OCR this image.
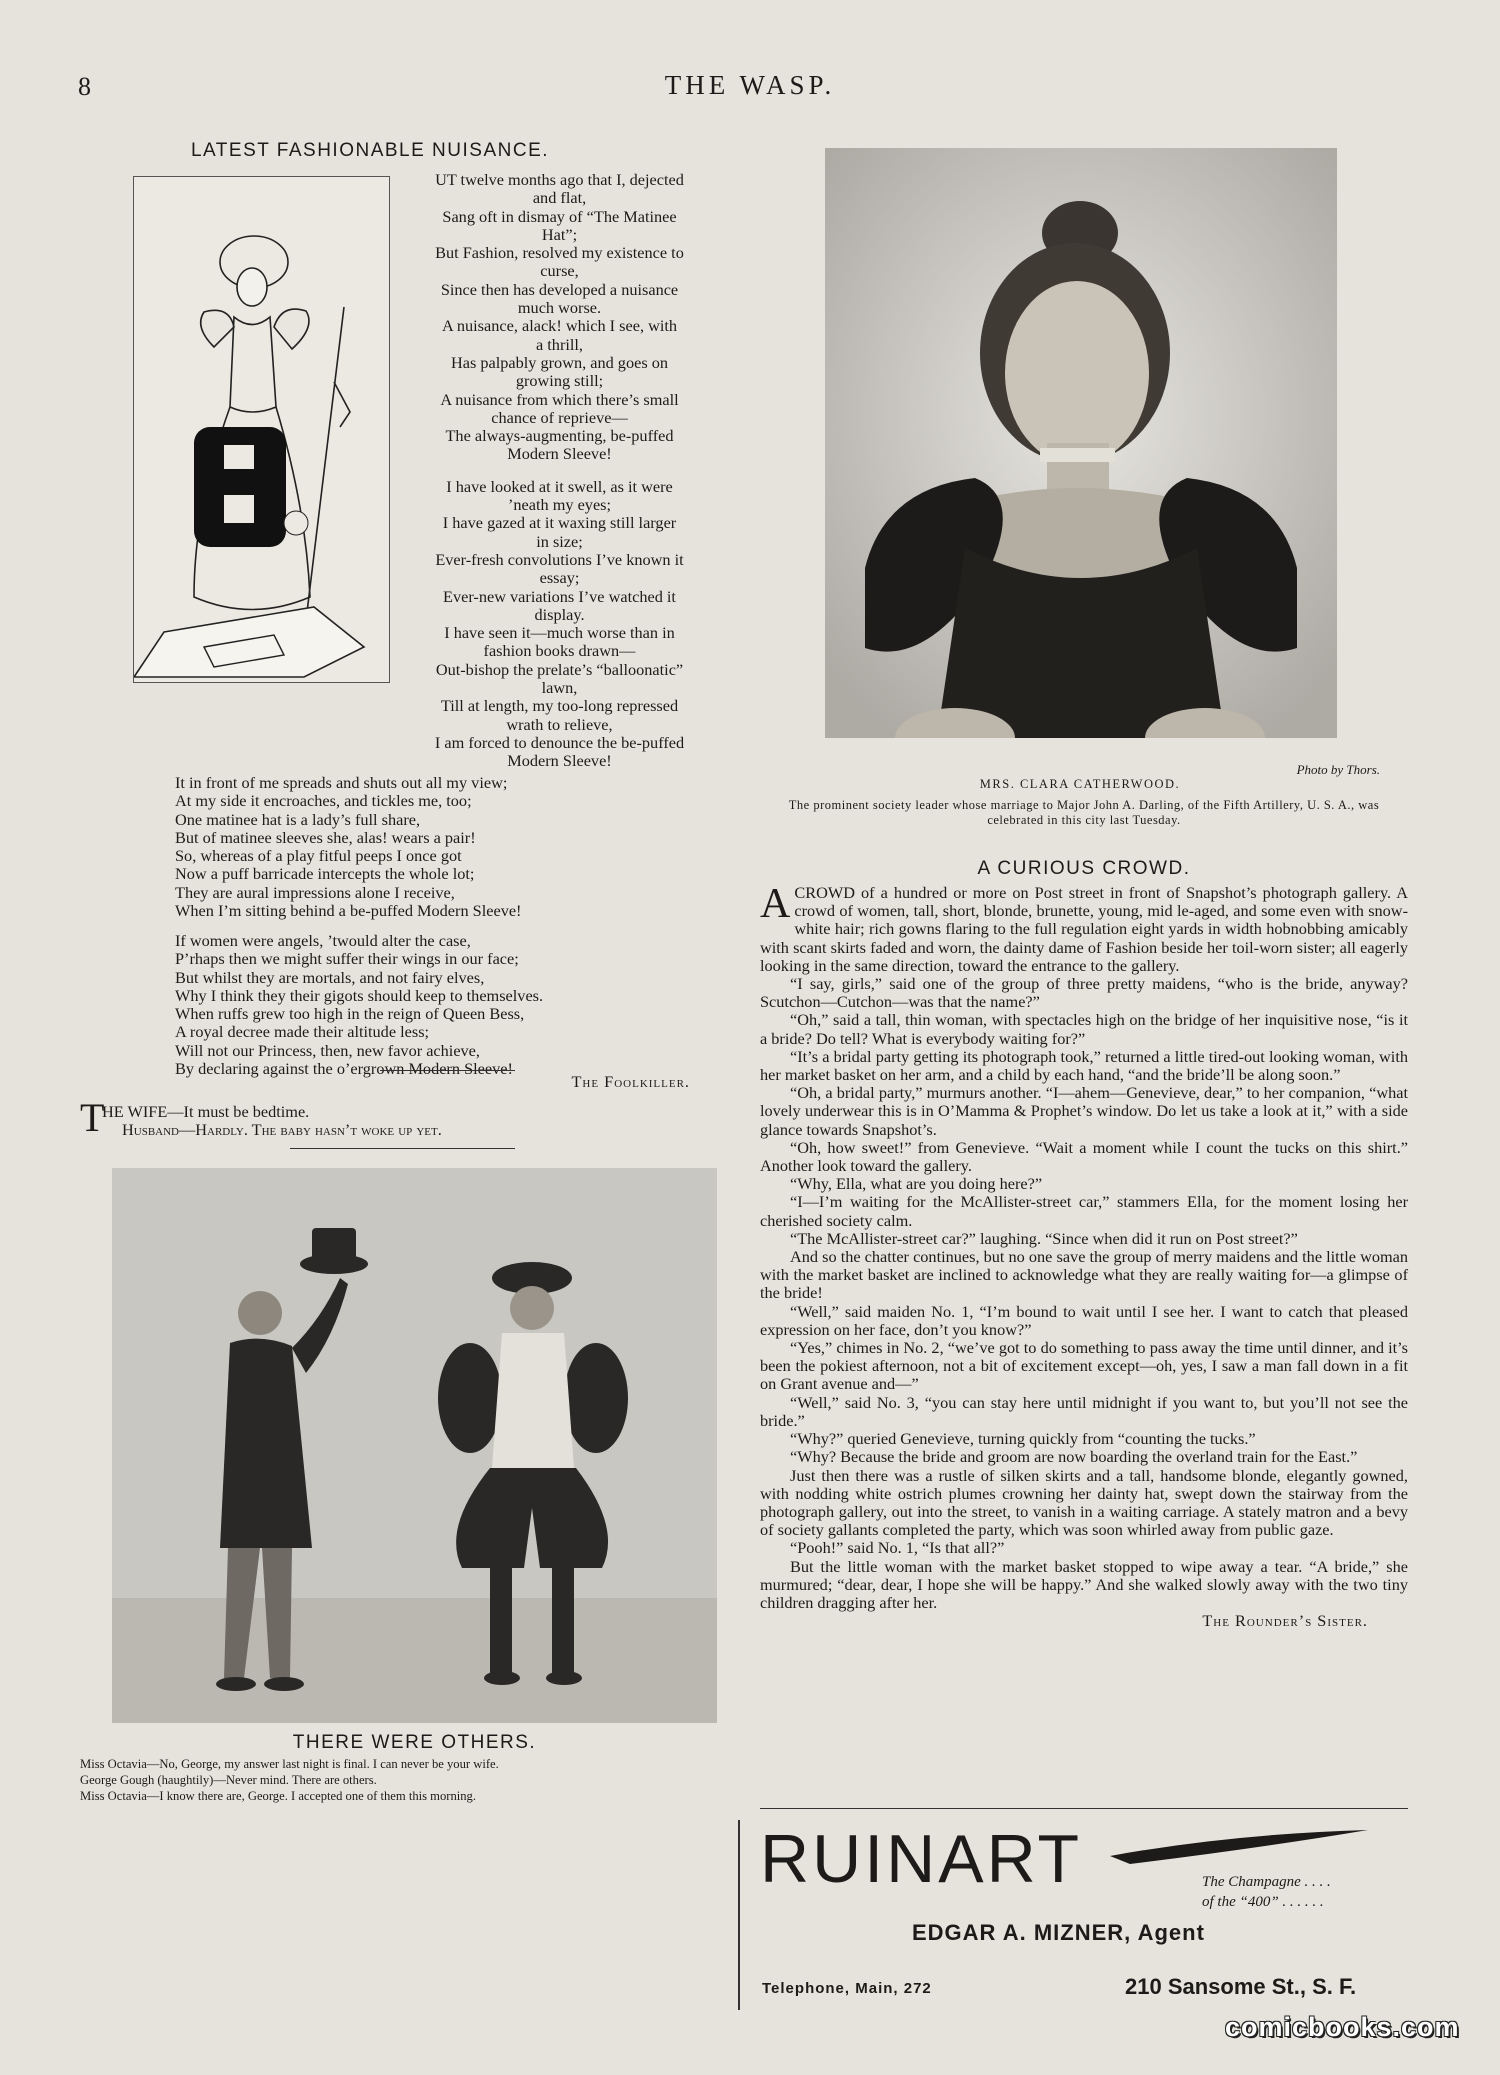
8	THE WASP.
LATEST FASHIONABLE NUISANCE.
UT twelve months ago that I, dejected
and flat,
Sang oft in dismay of “The Matinee
Hat”;
But Fashion, resolved my existence to
curse,
Since then has developed a nuisance
much worse.
A nuisance, alack! which I see, with
a thrill,
Has palpably grown, and goes on
growing still;
A nuisance from which there’s small
chance of reprieve—
The always-augmenting, be-puffed
Modern Sleeve!
I have looked at it swell, as it were
’neath my eyes;
I have gazed at it waxing still larger
in size;
Ever-fresh convolutions I’ve known it
essay;
Ever-new variations I’ve watched it
display.
I have seen it—much worse than in
fashion books drawn—
Out-bishop the prelate’s “balloonatic”
lawn,
Till at length, my too-long repressed
wrath to relieve,
I am forced to denounce the be-puffed
Modern Sleeve!
It in front of me spreads and shuts out all my view;
At my side it encroaches, and tickles me, too;
One matinee hat is a lady’s full share,
But of matinee sleeves she, alas! wears a pair!
So, whereas of a play fitful peeps I once got
Now a puff barricade intercepts the whole lot;
They are aural impressions alone I receive,
When I’m sitting behind a be-puffed Modern Sleeve!
If women were angels, ’twould alter the case,
P’rhaps then we might suffer their wings in our face;
But whilst they are mortals, and not fairy elves,
Why I think they their gigots should keep to themselves.
When ruffs grew too high in the reign of Queen Bess,
A royal decree made their altitude less;
Will not our Princess, then, new favor achieve,
By declaring against the o’ergrown Modern Sleeve!
The Foolkiller.
T
HE WIFE—It must be bedtime.
Husband—Hardly. The baby hasn’t woke up yet.
THERE WERE OTHERS.
Miss Octavia—No, George, my answer last night is final. I can never be your wife.
George Gough (haughtily)—Never mind. There are others.
Miss Octavia—I know there are, George. I accepted one of them this morning.
Photo by Thors.
MRS. CLARA CATHERWOOD.
The prominent society leader whose marriage to Major John A. Darling, of the Fifth Artillery, U. S. A., was celebrated in this city last Tuesday.
A CURIOUS CROWD.

ACROWD of a hundred or more on Post street in front of Snapshot’s photograph gallery. A crowd of women, tall, short, blonde, brunette, young, mid le-aged, and some even with snow-white hair; rich gowns flaring to the full regulation eight yards in width hobnobbing amicably with scant skirts faded and worn, the dainty dame of Fashion beside her toil-worn sister; all eagerly looking in the same direction, toward the entrance to the gallery.

“I say, girls,” said one of the group of three pretty maidens, “who is the bride, anyway? Scutchon—Cutchon—was that the name?”

“Oh,” said a tall, thin woman, with spectacles high on the bridge of her inquisitive nose, “is it a bride? Do tell? What is everybody waiting for?”

“It’s a bridal party getting its photograph took,” returned a little tired-out looking woman, with her market basket on her arm, and a child by each hand, “and the bride’ll be along soon.”

“Oh, a bridal party,” murmurs another. “I—ahem—Genevieve, dear,” to her companion, “what lovely underwear this is in O’Mamma & Prophet’s window. Do let us take a look at it,” with a side glance towards Snapshot’s.

“Oh, how sweet!” from Genevieve. “Wait a moment while I count the tucks on this shirt.” Another look toward the gallery.

“Why, Ella, what are you doing here?”

“I—I’m waiting for the McAllister-street car,” stammers Ella, for the moment losing her cherished society calm.

“The McAllister-street car?” laughing. “Since when did it run on Post street?”

And so the chatter continues, but no one save the group of merry maidens and the little woman with the market basket are inclined to acknowledge what they are really waiting for—a glimpse of the bride!

“Well,” said maiden No. 1, “I’m bound to wait until I see her. I want to catch that pleased expression on her face, don’t you know?”

“Yes,” chimes in No. 2, “we’ve got to do something to pass away the time until dinner, and it’s been the pokiest afternoon, not a bit of excitement except—oh, yes, I saw a man fall down in a fit on Grant avenue and—”

“Well,” said No. 3, “you can stay here until midnight if you want to, but you’ll not see the bride.”

“Why?” queried Genevieve, turning quickly from “counting the tucks.”

“Why? Because the bride and groom are now boarding the overland train for the East.”

Just then there was a rustle of silken skirts and a tall, handsome blonde, elegantly gowned, with nodding white ostrich plumes crowning her dainty hat, swept down the stairway from the photograph gallery, out into the street, to vanish in a waiting carriage. A stately matron and a bevy of society gallants completed the party, which was soon whirled away from public gaze.

“Pooh!” said No. 1, “Is that all?”

But the little woman with the market basket stopped to wipe away a tear. “A bride,” she murmured; “dear, dear, I hope she will be happy.” And she walked slowly away with the two tiny children dragging after her.

The Rounder’s Sister.
RUINART	The Champagne . . . .
of the “400” . . . . . .
EDGAR A. MIZNER, Agent
Telephone, Main, 272	210 Sansome St., S. F.
comicbooks.com
